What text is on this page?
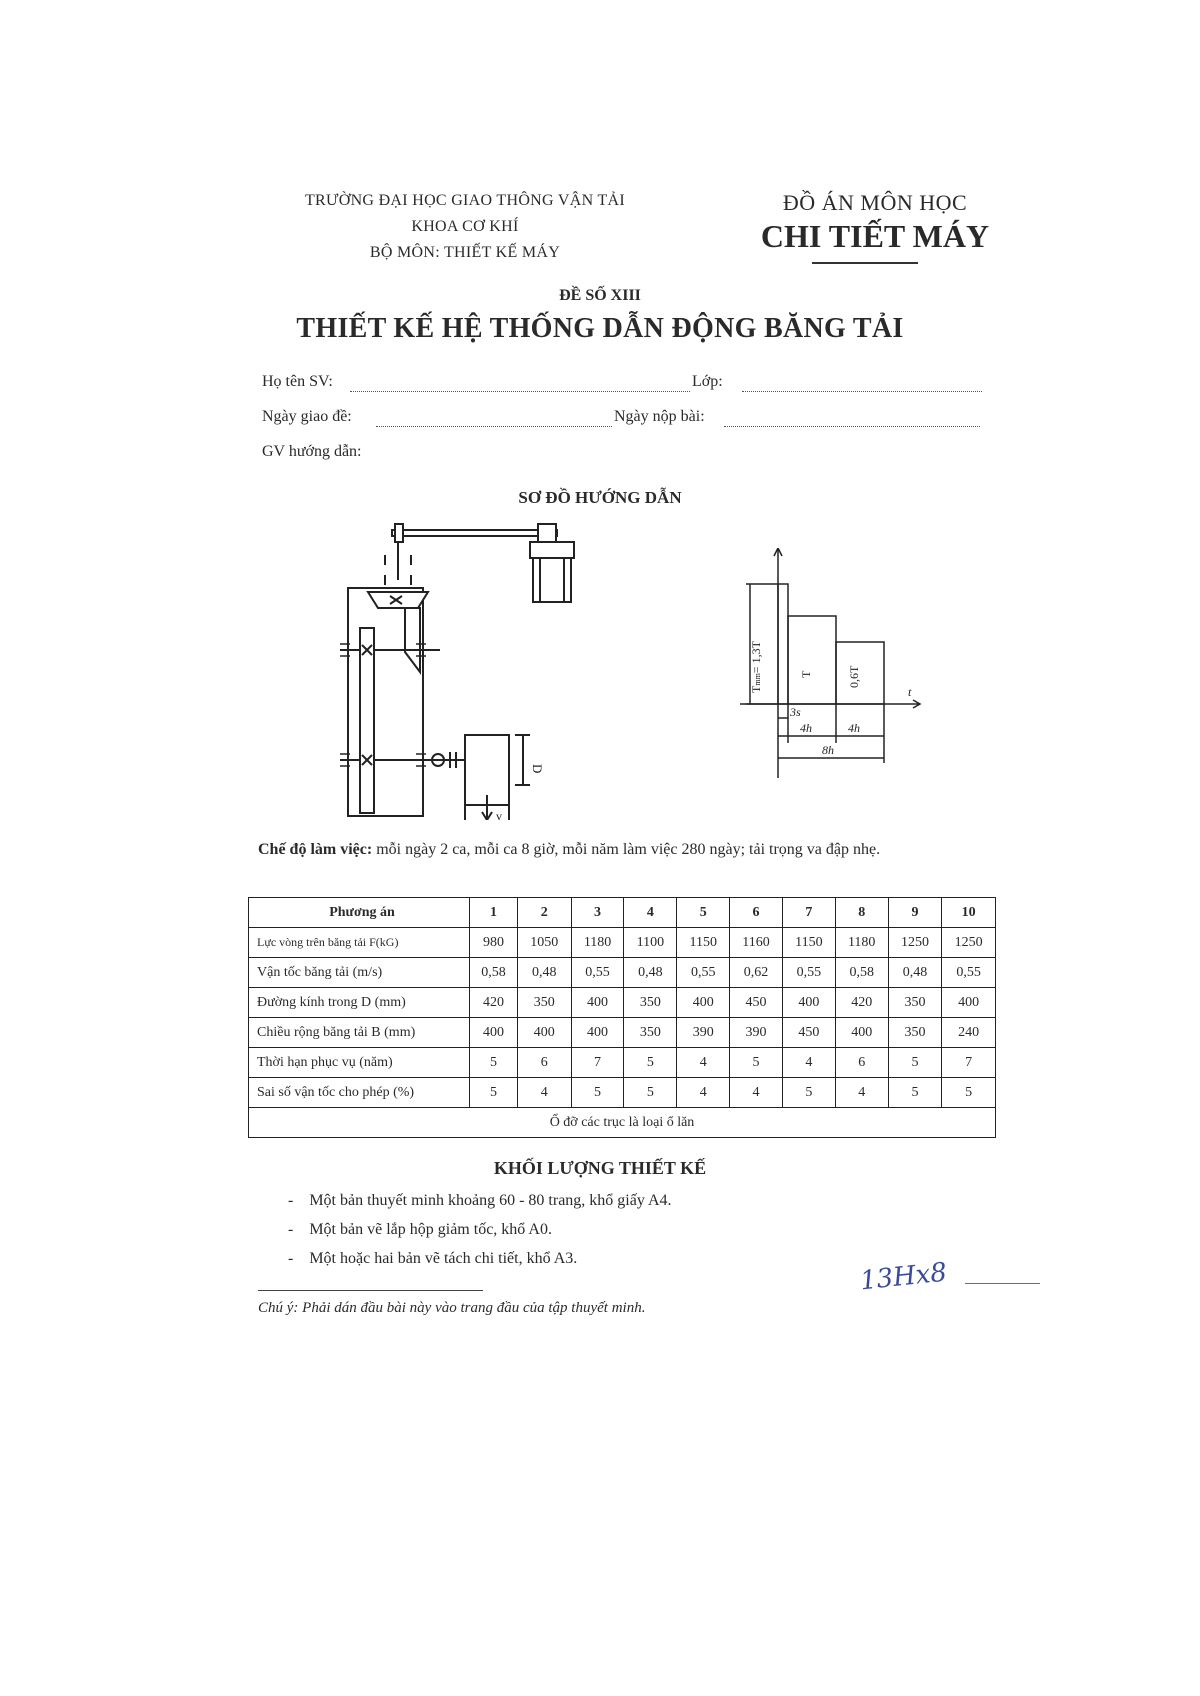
TRƯỜNG ĐẠI HỌC GIAO THÔNG VẬN TẢI
KHOA CƠ KHÍ
BỘ MÔN: THIẾT KẾ MÁY
ĐỒ ÁN MÔN HỌC
CHI TIẾT MÁY
ĐỀ SỐ XIII
THIẾT KẾ HỆ THỐNG DẪN ĐỘNG BĂNG TẢI
Họ tên SV:	Lớp:
Ngày giao đề:	Ngày nộp bài:
GV hướng dẫn:
SƠ ĐỒ HƯỚNG DẪN
D
v
Tmm= 1,3T
T	0,6T
t
3s
4h	4h
8h
Chế độ làm việc: mỗi ngày 2 ca, mỗi ca 8 giờ, mỗi năm làm việc 280 ngày; tải trọng va đập nhẹ.
Phương án	1	2	3	4	5	6	7	8	9	10
Lực vòng trên băng tải F(kG)	980	1050	1180	1100	1150	1160	1150	1180	1250	1250
Vận tốc băng tải (m/s)	0,58	0,48	0,55	0,48	0,55	0,62	0,55	0,58	0,48	0,55
Đường kính trong D (mm)	420	350	400	350	400	450	400	420	350	400
Chiều rộng băng tải B (mm)	400	400	400	350	390	390	450	400	350	240
Thời hạn phục vụ (năm)	5	6	7	5	4	5	4	6	5	7
Sai số vận tốc cho phép (%)	5	4	5	5	4	4	5	4	5	5
Ổ đỡ các trục là loại ổ lăn										
KHỐI LƯỢNG THIẾT KẾ
- Một bản thuyết minh khoảng 60 - 80 trang, khổ giấy A4.
- Một bản vẽ lắp hộp giảm tốc, khổ A0.
- Một hoặc hai bản vẽ tách chi tiết, khổ A3.	13Hx8
Chú ý: Phải dán đầu bài này vào trang đầu của tập thuyết minh.
